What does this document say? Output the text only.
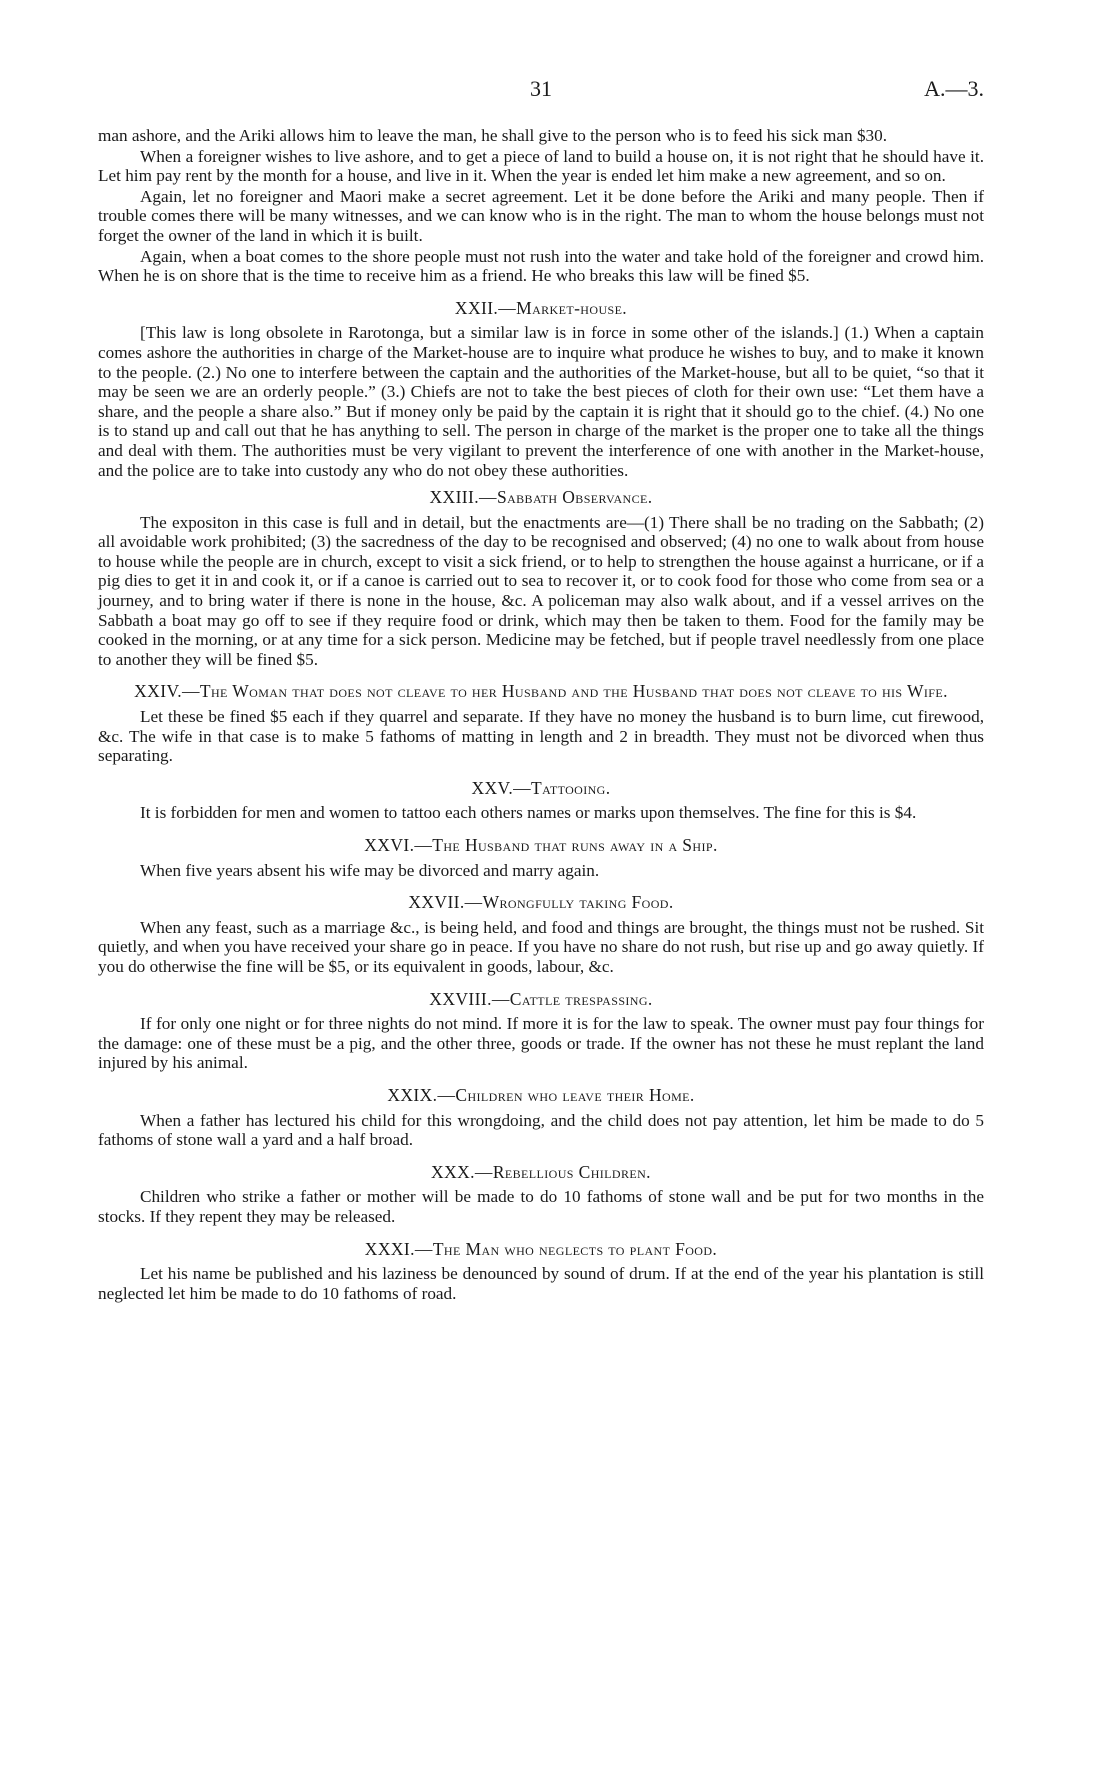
31	A.—3.

man ashore, and the Ariki allows him to leave the man, he shall give to the person who is to feed his sick man $30.

When a foreigner wishes to live ashore, and to get a piece of land to build a house on, it is not right that he should have it. Let him pay rent by the month for a house, and live in it. When the year is ended let him make a new agreement, and so on.

Again, let no foreigner and Maori make a secret agreement. Let it be done before the Ariki and many people. Then if trouble comes there will be many witnesses, and we can know who is in the right. The man to whom the house belongs must not forget the owner of the land in which it is built.

Again, when a boat comes to the shore people must not rush into the water and take hold of the foreigner and crowd him. When he is on shore that is the time to receive him as a friend. He who breaks this law will be fined $5.

XXII.—Market-house.

[This law is long obsolete in Rarotonga, but a similar law is in force in some other of the islands.] (1.) When a captain comes ashore the authorities in charge of the Market-house are to inquire what produce he wishes to buy, and to make it known to the people. (2.) No one to interfere between the captain and the authorities of the Market-house, but all to be quiet, “so that it may be seen we are an orderly people.” (3.) Chiefs are not to take the best pieces of cloth for their own use: “Let them have a share, and the people a share also.” But if money only be paid by the captain it is right that it should go to the chief. (4.) No one is to stand up and call out that he has anything to sell. The person in charge of the market is the proper one to take all the things and deal with them. The authorities must be very vigilant to prevent the interference of one with another in the Market-house, and the police are to take into custody any who do not obey these authorities.

XXIII.—Sabbath Observance.

The expositon in this case is full and in detail, but the enactments are—(1) There shall be no trading on the Sabbath; (2) all avoidable work prohibited; (3) the sacredness of the day to be recognised and observed; (4) no one to walk about from house to house while the people are in church, except to visit a sick friend, or to help to strengthen the house against a hurricane, or if a pig dies to get it in and cook it, or if a canoe is carried out to sea to recover it, or to cook food for those who come from sea or a journey, and to bring water if there is none in the house, &c. A policeman may also walk about, and if a vessel arrives on the Sabbath a boat may go off to see if they require food or drink, which may then be taken to them. Food for the family may be cooked in the morning, or at any time for a sick person. Medicine may be fetched, but if people travel needlessly from one place to another they will be fined $5.

XXIV.—The Woman that does not cleave to her Husband and the Husband that does not cleave to his Wife.

Let these be fined $5 each if they quarrel and separate. If they have no money the husband is to burn lime, cut firewood, &c. The wife in that case is to make 5 fathoms of matting in length and 2 in breadth. They must not be divorced when thus separating.

XXV.—Tattooing.

It is forbidden for men and women to tattoo each others names or marks upon themselves. The fine for this is $4.

XXVI.—The Husband that runs away in a Ship.

When five years absent his wife may be divorced and marry again.

XXVII.—Wrongfully taking Food.

When any feast, such as a marriage &c., is being held, and food and things are brought, the things must not be rushed. Sit quietly, and when you have received your share go in peace. If you have no share do not rush, but rise up and go away quietly. If you do otherwise the fine will be $5, or its equivalent in goods, labour, &c.

XXVIII.—Cattle trespassing.

If for only one night or for three nights do not mind. If more it is for the law to speak. The owner must pay four things for the damage: one of these must be a pig, and the other three, goods or trade. If the owner has not these he must replant the land injured by his animal.

XXIX.—Children who leave their Home.

When a father has lectured his child for this wrongdoing, and the child does not pay attention, let him be made to do 5 fathoms of stone wall a yard and a half broad.

XXX.—Rebellious Children.

Children who strike a father or mother will be made to do 10 fathoms of stone wall and be put for two months in the stocks. If they repent they may be released.

XXXI.—The Man who neglects to plant Food.

Let his name be published and his laziness be denounced by sound of drum. If at the end of the year his plantation is still neglected let him be made to do 10 fathoms of road.
